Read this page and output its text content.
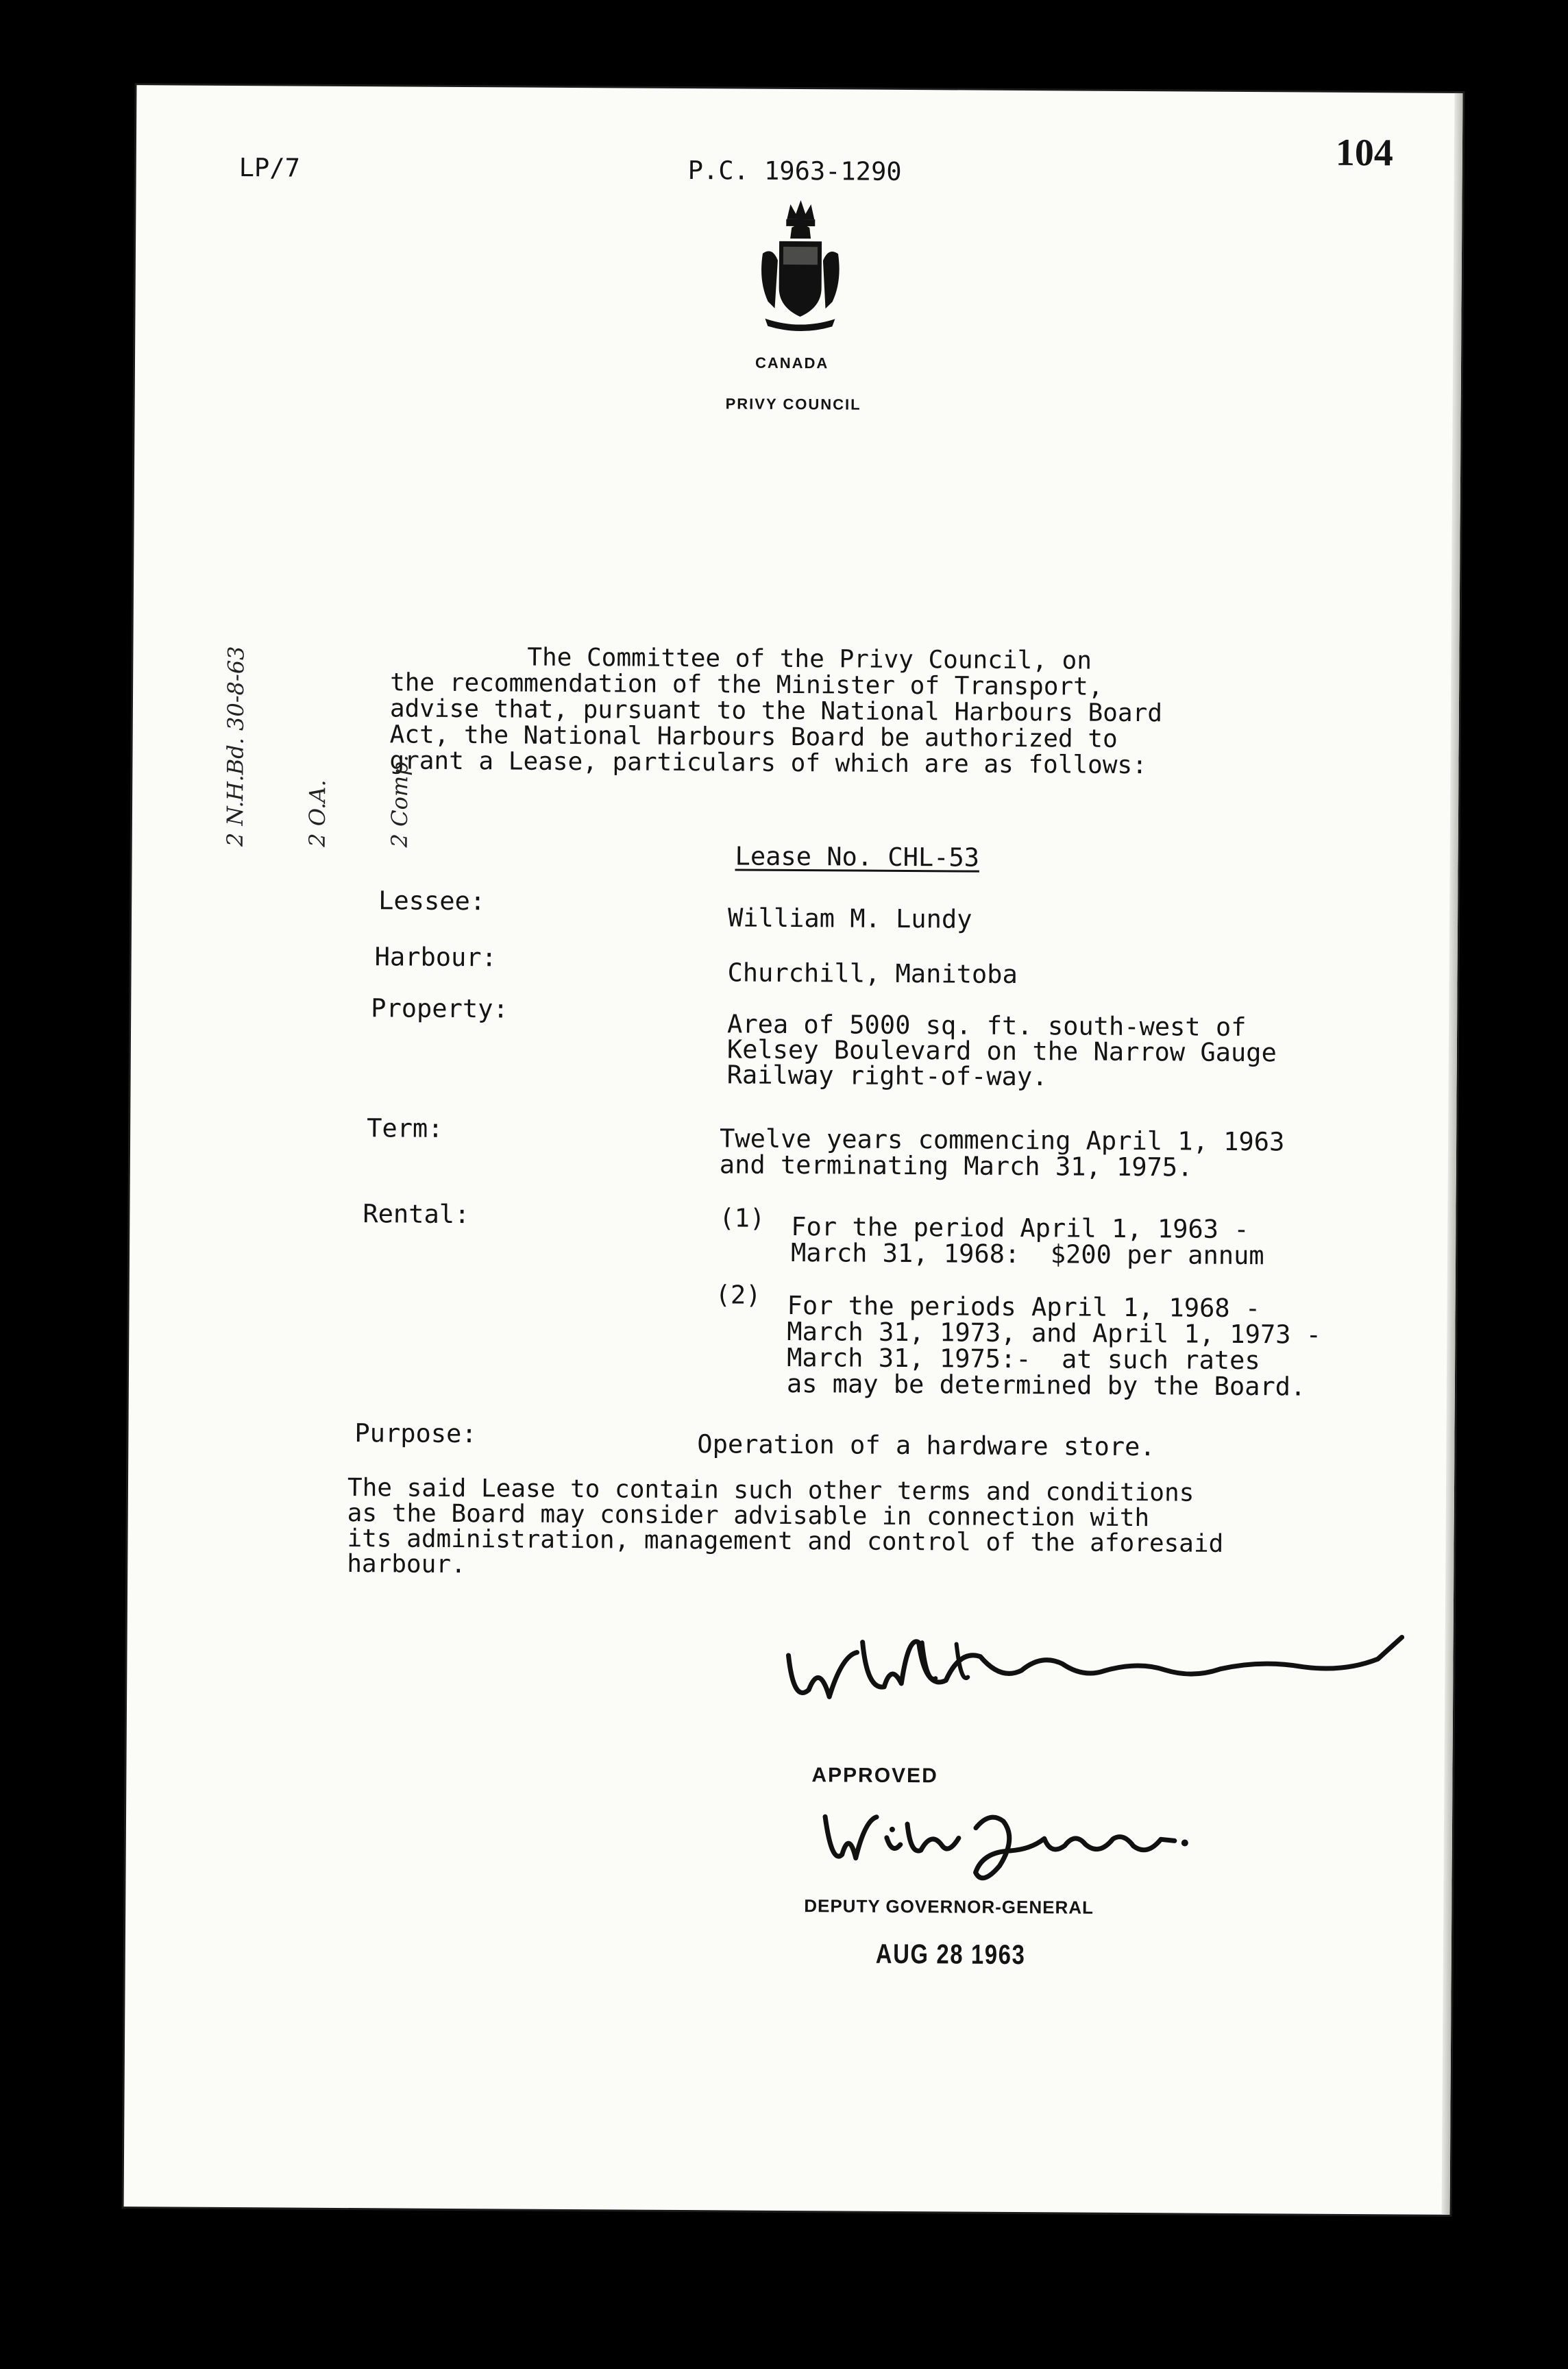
LP/7	P.C. 1963-1290	104
CANADA
PRIVY COUNCIL
The Committee of the Privy Council, on
the recommendation of the Minister of Transport,
advise that, pursuant to the National Harbours Board
Act, the National Harbours Board be authorized to
grant a Lease, particulars of which are as follows:
Lease No. CHL-53
Lessee:
William M. Lundy
Harbour:
Churchill, Manitoba
Property:
Area of 5000 sq. ft. south-west of
Kelsey Boulevard on the Narrow Gauge
Railway right-of-way.
Term:	Twelve years commencing April 1, 1963
and terminating March 31, 1975.
Rental:	(1) For the period April 1, 1963 -
March 31, 1968:  $200 per annum
(2) For the periods April 1, 1968 -
March 31, 1973, and April 1, 1973 -
March 31, 1975:-  at such rates
as may be determined by the Board.
Purpose:	Operation of a hardware store.
The said Lease to contain such other terms and conditions
as the Board may consider advisable in connection with
its administration, management and control of the aforesaid
harbour.
APPROVED
DEPUTY GOVERNOR-GENERAL
AUG 28 1963

2 N.H.Bd. 30-8-63

	2 O.A.

	2 Comp.
